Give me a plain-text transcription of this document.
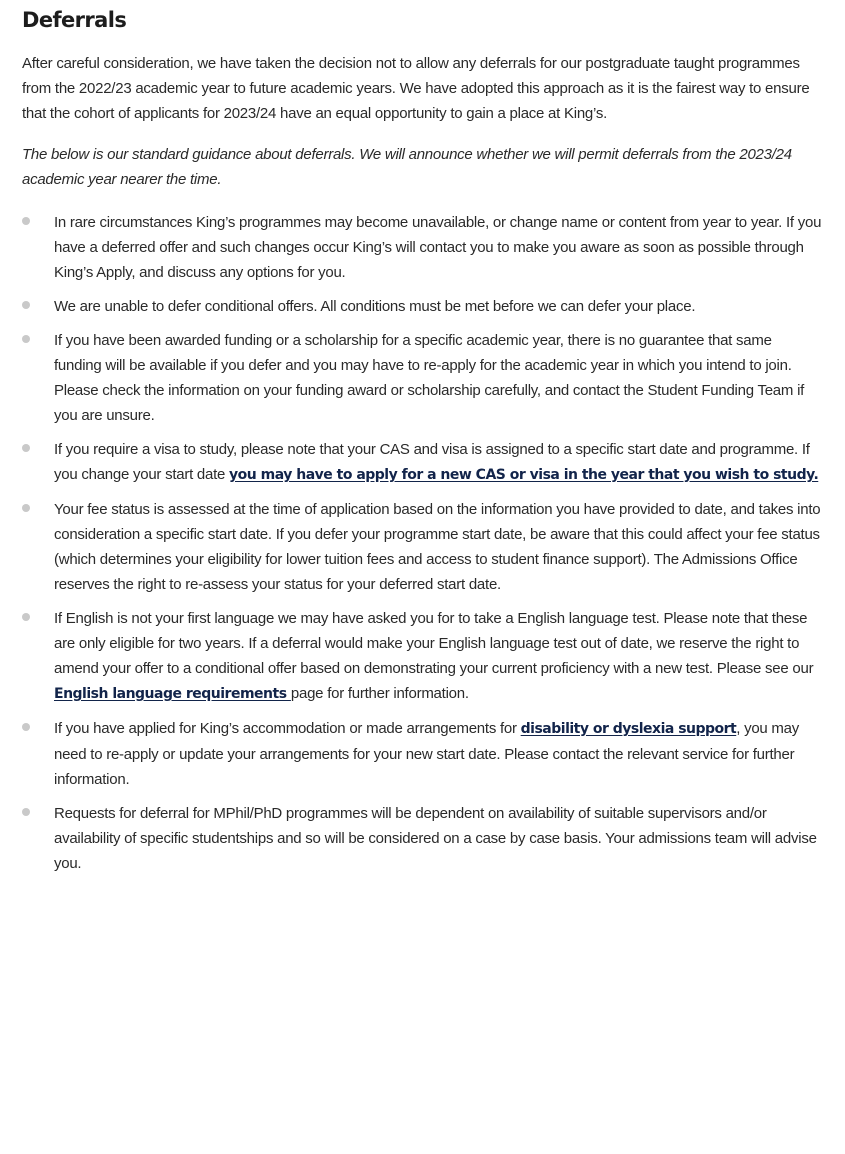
Deferrals

After careful consideration, we have taken the decision not to allow any deferrals for our postgraduate taught programmes from the 2022/23 academic year to future academic years. We have adopted this approach as it is the fairest way to ensure that the cohort of applicants for 2023/24 have an equal opportunity to gain a place at King’s.

The below is our standard guidance about deferrals. We will announce whether we will permit deferrals from the 2023/24 academic year nearer the time.

In rare circumstances King’s programmes may become unavailable, or change name or content from year to year. If you have a deferred offer and such changes occur King’s will contact you to make you aware as soon as possible through King’s Apply, and discuss any options for you.
We are unable to defer conditional offers. All conditions must be met before we can defer your place.
If you have been awarded funding or a scholarship for a specific academic year, there is no guarantee that same funding will be available if you defer and you may have to re-apply for the academic year in which you intend to join. Please check the information on your funding award or scholarship carefully, and contact the Student Funding Team if you are unsure.
If you require a visa to study, please note that your CAS and visa is assigned to a specific start date and programme. If you change your start date you may have to apply for a new CAS or visa in the year that you wish to study.
Your fee status is assessed at the time of application based on the information you have provided to date, and takes into consideration a specific start date. If you defer your programme start date, be aware that this could affect your fee status (which determines your eligibility for lower tuition fees and access to student finance support). The Admissions Office reserves the right to re-assess your status for your deferred start date.
If English is not your first language we may have asked you for to take a English language test. Please note that these are only eligible for two years. If a deferral would make your English language test out of date, we reserve the right to amend your offer to a conditional offer based on demonstrating your current proficiency with a new test. Please see our English language requirements page for further information.
If you have applied for King’s accommodation or made arrangements for disability or dyslexia support, you may need to re-apply or update your arrangements for your new start date. Please contact the relevant service for further information.
Requests for deferral for MPhil/PhD programmes will be dependent on availability of suitable supervisors and/or availability of specific studentships and so will be considered on a case by case basis. Your admissions team will advise you.
